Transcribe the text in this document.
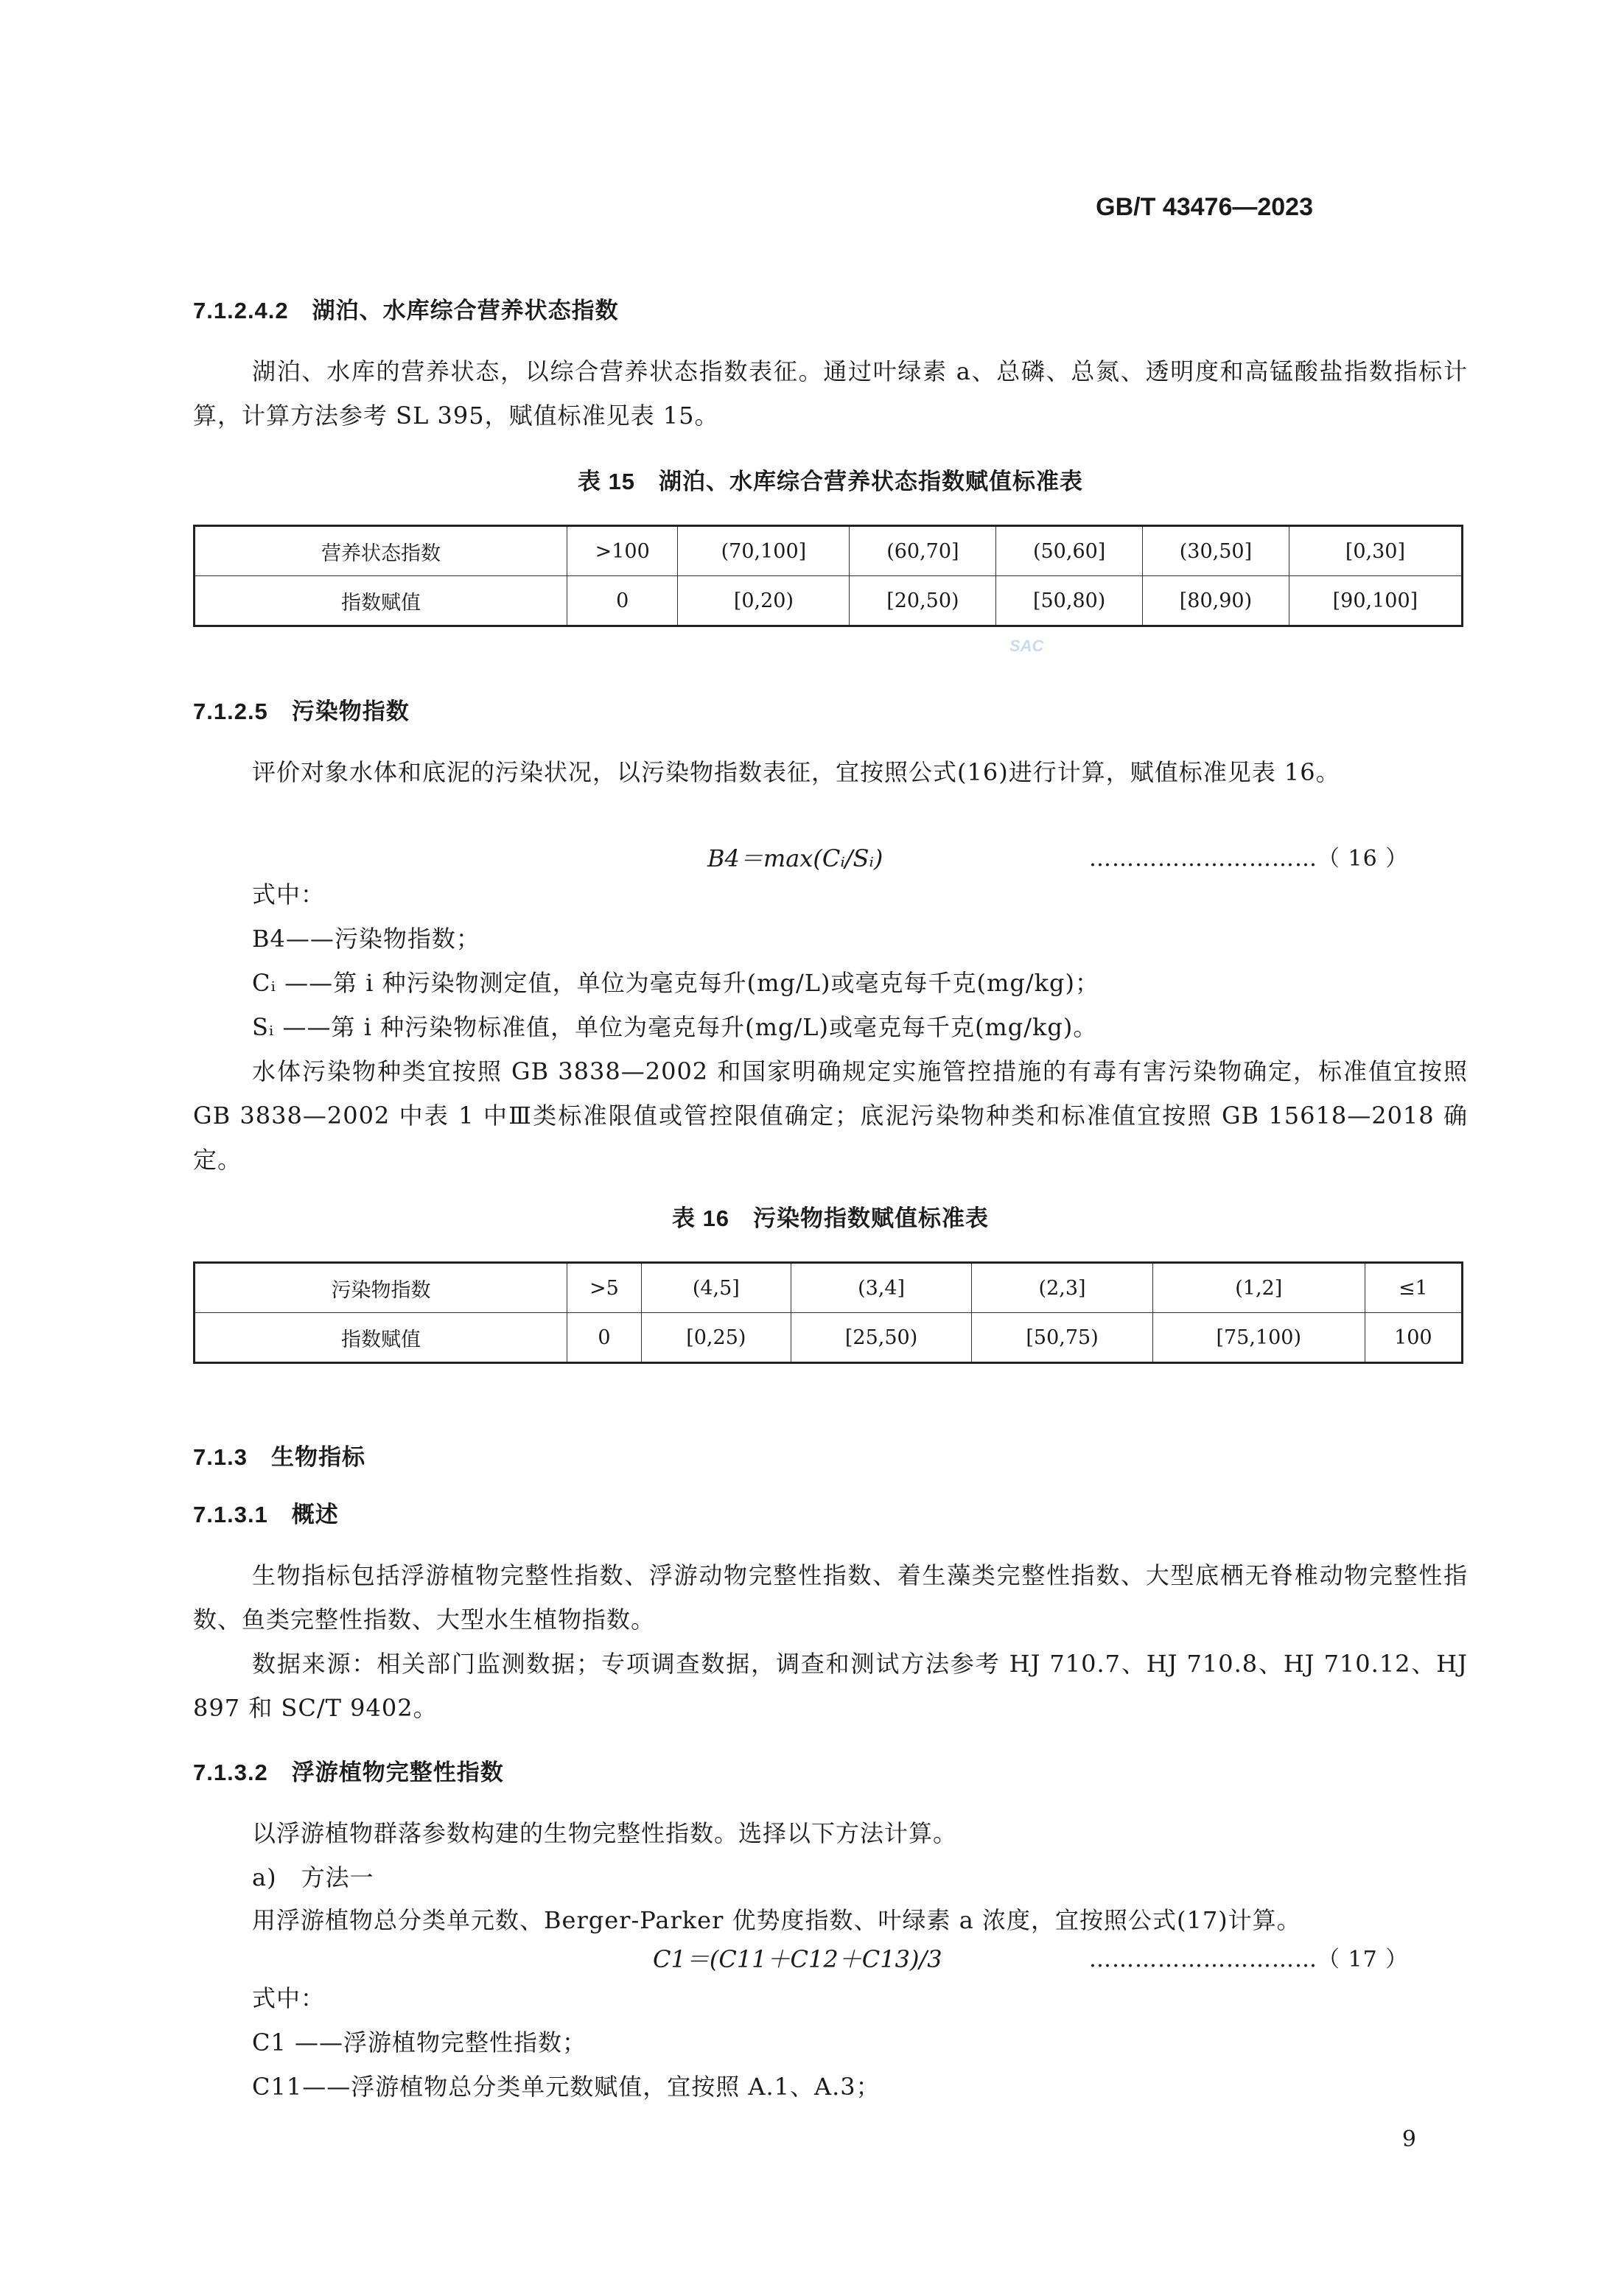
GB/T 43476—2023
SAC
7.1.2.4.2　湖泊、水库综合营养状态指数
湖泊、水库的营养状态，以综合营养状态指数表征。通过叶绿素 a、总磷、总氮、透明度和高锰酸盐指数指标计算，计算方法参考 SL 395，赋值标准见表 15。
表 15　湖泊、水库综合营养状态指数赋值标准表
营养状态指数	>100	(70,100]	(60,70]	(50,60]	(30,50]	[0,30]
指数赋值	0	[0,20)	[20,50)	[50,80)	[80,90)	[90,100]
7.1.2.5　污染物指数
评价对象水体和底泥的污染状况，以污染物指数表征，宜按照公式(16)进行计算，赋值标准见表 16。
B4＝max(Cᵢ/Sᵢ)	…………………………（ 16 ）
式中：
B4——污染物指数；
Cᵢ ——第 i 种污染物测定值，单位为毫克每升(mg/L)或毫克每千克(mg/kg)；
Sᵢ ——第 i 种污染物标准值，单位为毫克每升(mg/L)或毫克每千克(mg/kg)。
水体污染物种类宜按照 GB 3838—2002 和国家明确规定实施管控措施的有毒有害污染物确定，标准值宜按照 GB 3838—2002 中表 1 中Ⅲ类标准限值或管控限值确定；底泥污染物种类和标准值宜按照 GB 15618—2018 确定。
表 16　污染物指数赋值标准表
污染物指数	>5	(4,5]	(3,4]	(2,3]	(1,2]	≤1
指数赋值	0	[0,25)	[25,50)	[50,75)	[75,100)	100
7.1.3　生物指标
7.1.3.1　概述
生物指标包括浮游植物完整性指数、浮游动物完整性指数、着生藻类完整性指数、大型底栖无脊椎动物完整性指数、鱼类完整性指数、大型水生植物指数。
数据来源：相关部门监测数据；专项调查数据，调查和测试方法参考 HJ 710.7、HJ 710.8、HJ 710.12、HJ 897 和 SC/T 9402。
7.1.3.2　浮游植物完整性指数
以浮游植物群落参数构建的生物完整性指数。选择以下方法计算。
a)　方法一
用浮游植物总分类单元数、Berger-Parker 优势度指数、叶绿素 a 浓度，宜按照公式(17)计算。
C1＝(C11＋C12＋C13)/3	…………………………（ 17 ）
式中：
C1 ——浮游植物完整性指数；
C11——浮游植物总分类单元数赋值，宜按照 A.1、A.3；
9
